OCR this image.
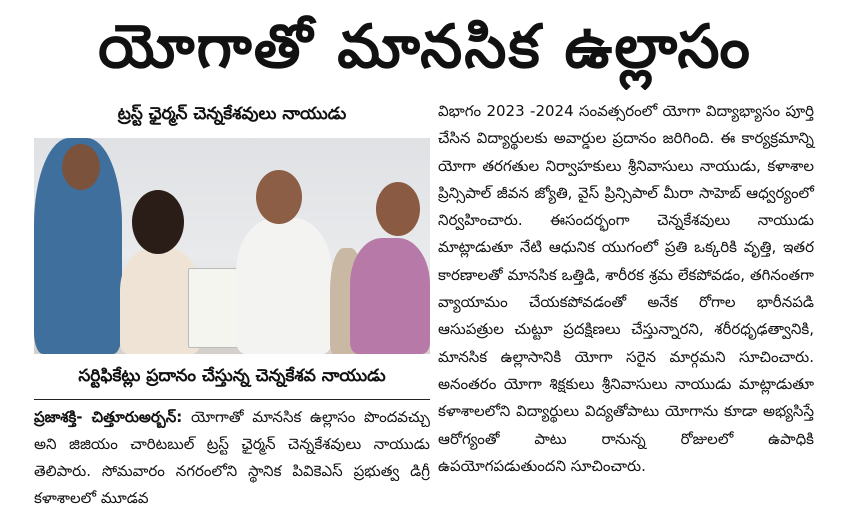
యోగాతో మానసిక ఉల్లాసం
ట్రస్ట్ ఛైర్మన్ చెన్నకేశవులు నాయుడు
సర్టిఫికేట్లు ప్రదానం చేస్తున్న చెన్నకేశవ నాయుడు

ప్రజాశక్తి- చిత్తూరుఅర్బన్: యోగాతో మానసిక ఉల్లాసం పొందవచ్చు అని జిజియం చారిటబుల్ ట్రస్ట్ ఛైర్మన్ చెన్నకేశవులు నాయుడు తెలిపారు. సోమవారం నగరంలోని స్థానిక పివికెఎస్ ప్రభుత్వ డిగ్రీ కళాశాలలో మూడవ

విభాగం 2023 -2024 సంవత్సరంలో యోగా విద్యాభ్యాసం పూర్తి చేసిన విద్యార్థులకు అవార్డుల ప్రదానం జరిగింది. ఈ కార్యక్రమాన్ని యోగా తరగతుల నిర్వాహకులు శ్రీనివాసులు నాయుడు, కళాశాల ప్రిన్సిపాల్ జీవన జ్యోతి, వైస్ ప్రిన్సిపాల్ మీరా సాహెబ్ ఆధ్వర్యంలో నిర్వహించారు. ఈసందర్భంగా చెన్నకేశవులు నాయుడు మాట్లాడుతూ నేటి ఆధునిక యుగంలో ప్రతి ఒక్కరికి వృత్తి, ఇతర కారణాలతో మానసిక ఒత్తిడి, శారీరక శ్రమ లేకపోవడం, తగినంతగా వ్యాయామం చేయకపోవడంతో అనేక రోగాల భారీనపడి ఆసుపత్రుల చుట్టూ ప్రదక్షిణలు చేస్తున్నారని, శరీరధృఢత్వానికి, మానసిక ఉల్లాసానికి యోగా సరైన మార్గమని సూచించారు. అనంతరం యోగా శిక్షకులు శ్రీనివాసులు నాయుడు మాట్లాడుతూ కళాశాలలోని విద్యార్థులు విద్యతోపాటు యోగాను కూడా అభ్యసిస్తే ఆరోగ్యంతో పాటు రానున్న రోజులలో ఉపాధికి ఉపయోగపడుతుందని సూచించారు.
